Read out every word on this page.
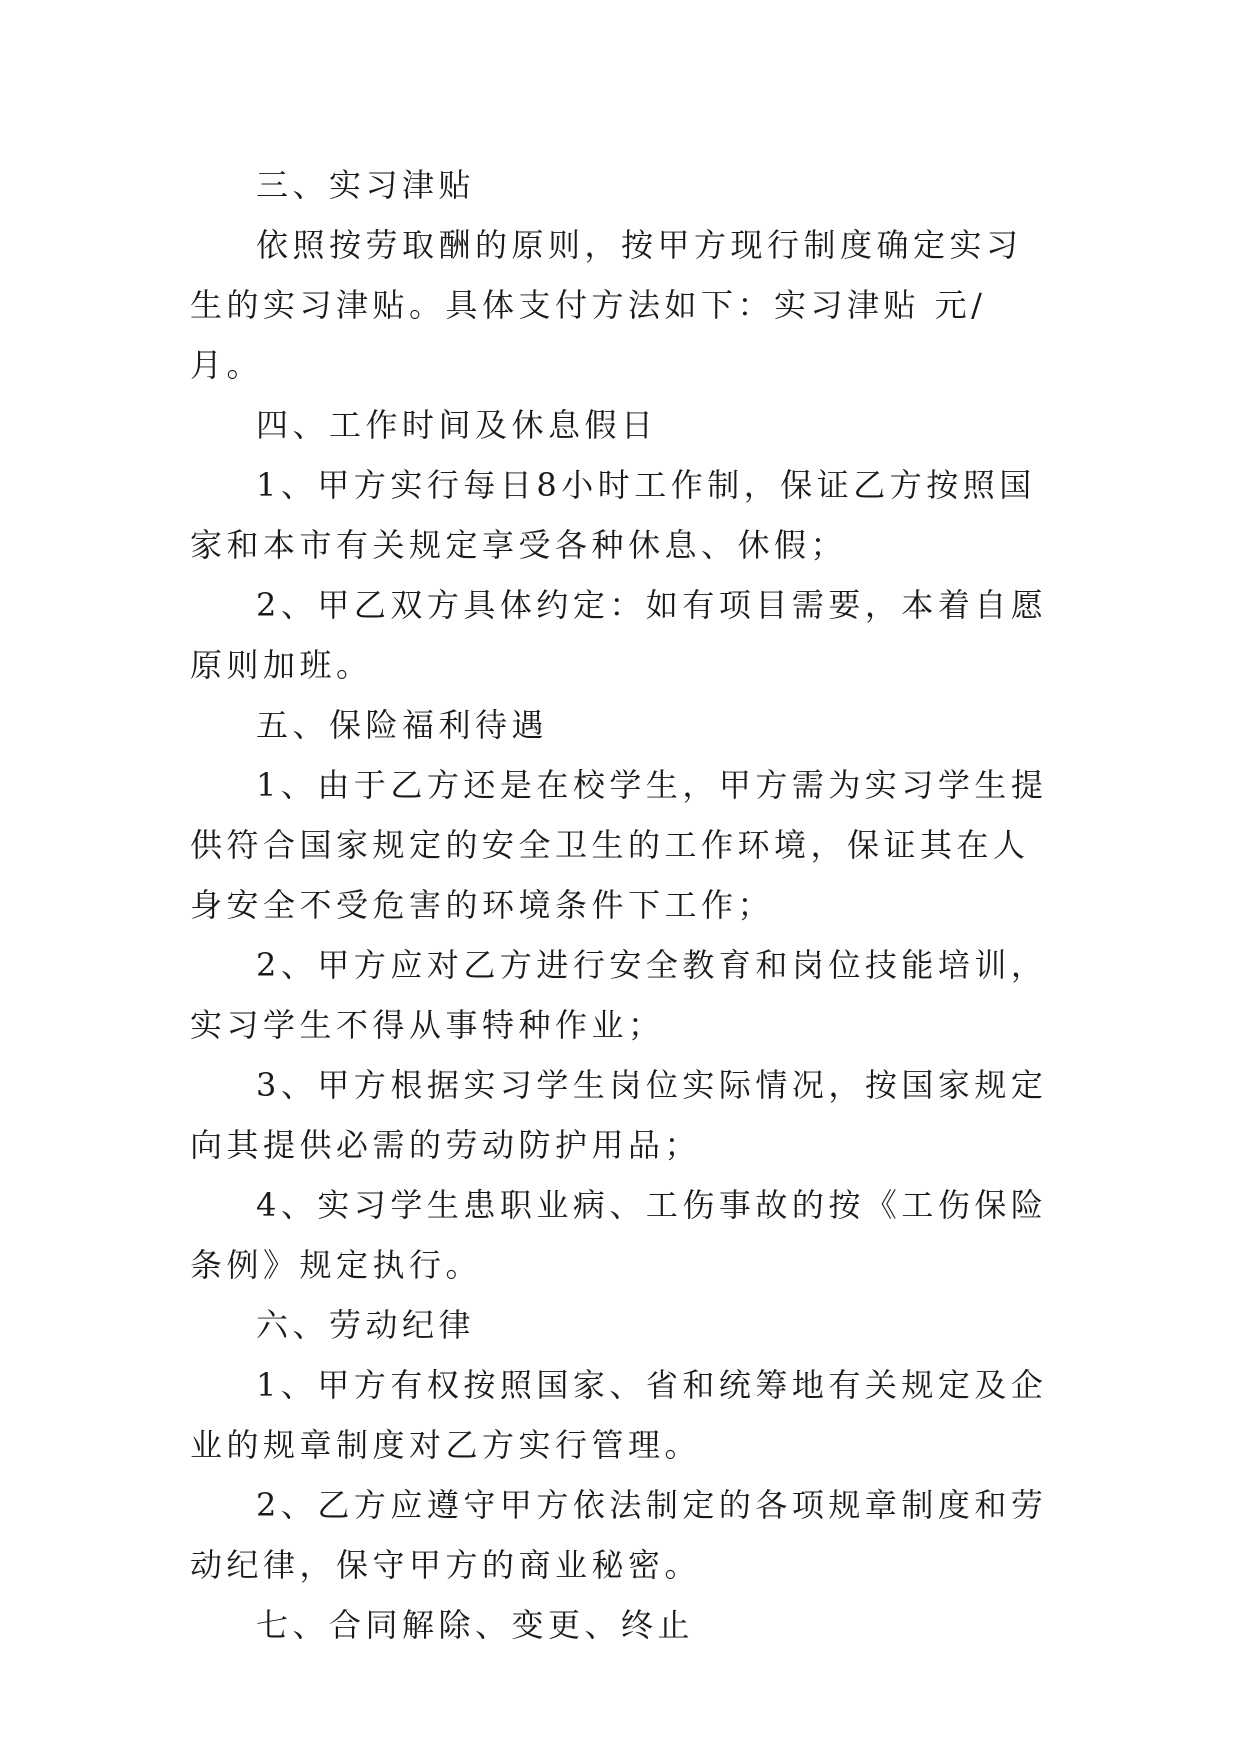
三、实习津贴

依照按劳取酬的原则，按甲方现行制度确定实习生的实习津贴。具体支付方法如下：实习津贴 元/月。

四、工作时间及休息假日

1、甲方实行每日8小时工作制，保证乙方按照国家和本市有关规定享受各种休息、休假；

2、甲乙双方具体约定：如有项目需要，本着自愿原则加班。

五、保险福利待遇

1、由于乙方还是在校学生，甲方需为实习学生提供符合国家规定的安全卫生的工作环境，保证其在人身安全不受危害的环境条件下工作；

2、甲方应对乙方进行安全教育和岗位技能培训，实习学生不得从事特种作业；

3、甲方根据实习学生岗位实际情况，按国家规定向其提供必需的劳动防护用品；

4、实习学生患职业病、工伤事故的按《工伤保险条例》规定执行。

六、劳动纪律

1、甲方有权按照国家、省和统筹地有关规定及企业的规章制度对乙方实行管理。

2、乙方应遵守甲方依法制定的各项规章制度和劳动纪律，保守甲方的商业秘密。

七、合同解除、变更、终止
